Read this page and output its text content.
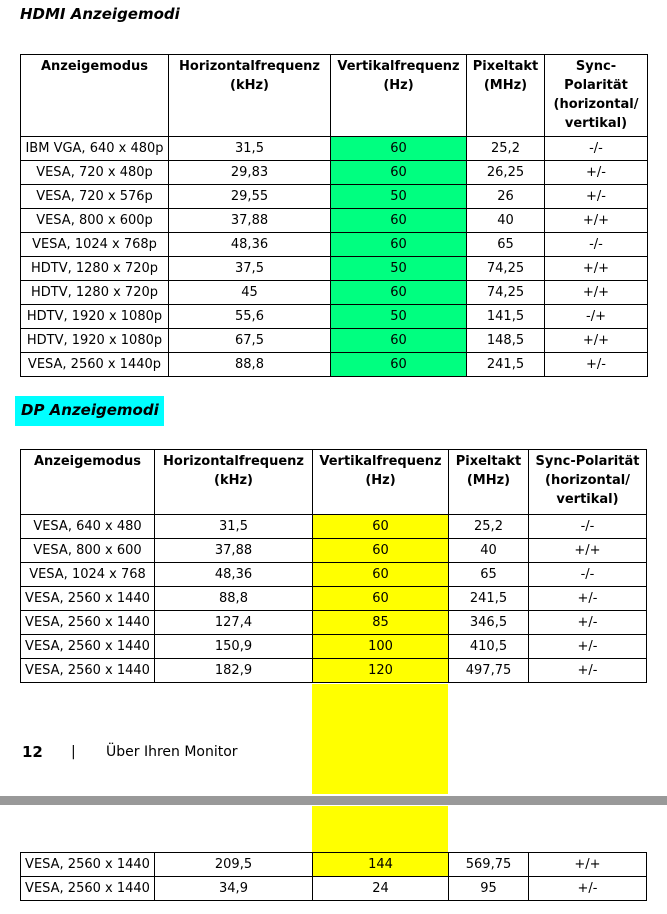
HDMI Anzeigemodi
Anzeigemodus	Horizontalfrequenz (kHz)	Vertikalfrequenz (Hz)	Pixeltakt (MHz)	Sync-Polarität (horizontal/ vertikal)
IBM VGA, 640 x 480p	31,5	60	25,2	-/-
VESA, 720 x 480p	29,83	60	26,25	+/-
VESA, 720 x 576p	29,55	50	26	+/-
VESA, 800 x 600p	37,88	60	40	+/+
VESA, 1024 x 768p	48,36	60	65	-/-
HDTV, 1280 x 720p	37,5	50	74,25	+/+
HDTV, 1280 x 720p	45	60	74,25	+/+
HDTV, 1920 x 1080p	55,6	50	141,5	-/+
HDTV, 1920 x 1080p	67,5	60	148,5	+/+
VESA, 2560 x 1440p	88,8	60	241,5	+/-
DP Anzeigemodi
Anzeigemodus	Horizontalfrequenz (kHz)	Vertikalfrequenz (Hz)	Pixeltakt (MHz)	Sync-Polarität (horizontal/ vertikal)
VESA, 640 x 480	31,5	60	25,2	-/-
VESA, 800 x 600	37,88	60	40	+/+
VESA, 1024 x 768	48,36	60	65	-/-
VESA, 2560 x 1440	88,8	60	241,5	+/-
VESA, 2560 x 1440	127,4	85	346,5	+/-
VESA, 2560 x 1440	150,9	100	410,5	+/-
VESA, 2560 x 1440	182,9	120	497,75	+/-
12 | Über Ihren Monitor
VESA, 2560 x 1440	209,5	144	569,75	+/+
VESA, 2560 x 1440	34,9	24	95	+/-
